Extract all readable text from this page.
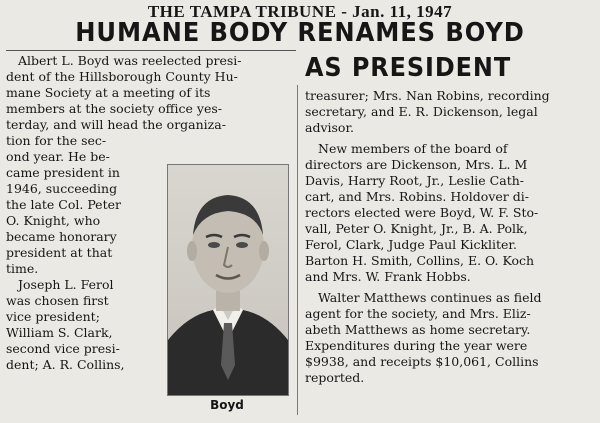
THE TAMPA TRIBUNE - Jan. 11, 1947
HUMANE BODY RENAMES BOYD
AS PRESIDENT
Albert L. Boyd was reelected presi-
dent of the Hillsborough County Hu-
mane Society at a meeting of its
members at the society office yes-
terday, and will head the organiza-
tion for the sec-
ond year. He be-
came president in
1946, succeeding
the late Col. Peter
O. Knight, who
became honorary
president at that
time.
Joseph L. Ferol
was chosen first
vice president;
William S. Clark,
second vice presi-
dent; A. R. Collins,
Boyd
treasurer; Mrs. Nan Robins, recording
secretary, and E. R. Dickenson, legal
advisor.
New members of the board of
directors are Dickenson, Mrs. L. M
Davis, Harry Root, Jr., Leslie Cath-
cart, and Mrs. Robins. Holdover di-
rectors elected were Boyd, W. F. Sto-
vall, Peter O. Knight, Jr., B. A. Polk,
Ferol, Clark, Judge Paul Kickliter.
Barton H. Smith, Collins, E. O. Koch
and Mrs. W. Frank Hobbs.
Walter Matthews continues as field
agent for the society, and Mrs. Eliz-
abeth Matthews as home secretary.
Expenditures during the year were
$9938, and receipts $10,061, Collins
reported.
